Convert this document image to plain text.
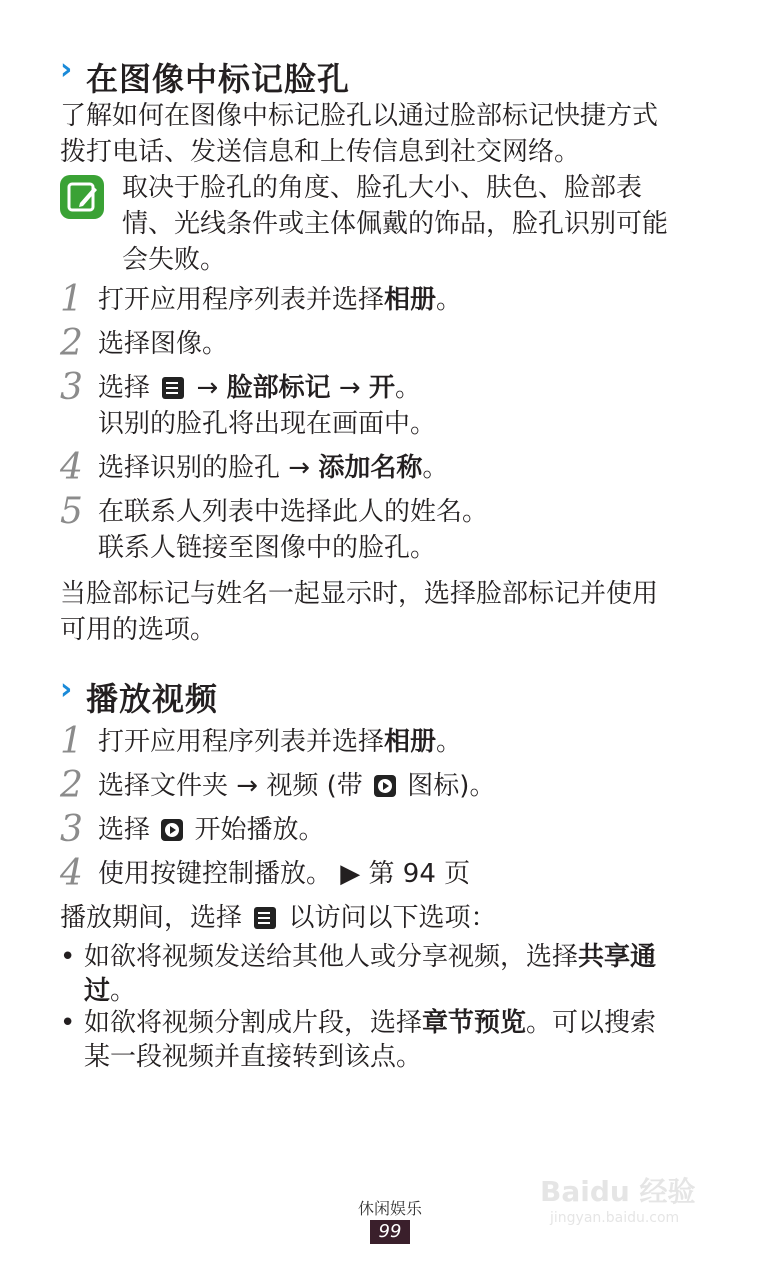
› 在图像中标记脸孔
了解如何在图像中标记脸孔以通过脸部标记快捷方式
拨打电话、发送信息和上传信息到社交网络。
取决于脸孔的角度、脸孔大小、肤色、脸部表
情、光线条件或主体佩戴的饰品，脸孔识别可能
会失败。
1 打开应用程序列表并选择相册。
2 选择图像。
3 选择 → 脸部标记 → 开。
识别的脸孔将出现在画面中。
4 选择识别的脸孔 → 添加名称。
5 在联系人列表中选择此人的姓名。
联系人链接至图像中的脸孔。
当脸部标记与姓名一起显示时，选择脸部标记并使用
可用的选项。
› 播放视频
1 打开应用程序列表并选择相册。
2 选择文件夹 → 视频 (带 图标)。
3 选择 开始播放。
4 使用按键控制播放。 ▶ 第 94 页
播放期间，选择 以访问以下选项：
• 如欲将视频发送给其他人或分享视频，选择共享通
过。
• 如欲将视频分割成片段，选择章节预览。可以搜索
某一段视频并直接转到该点。
休闲娱乐
99
Baidu 经验
jingyan.baidu.com
